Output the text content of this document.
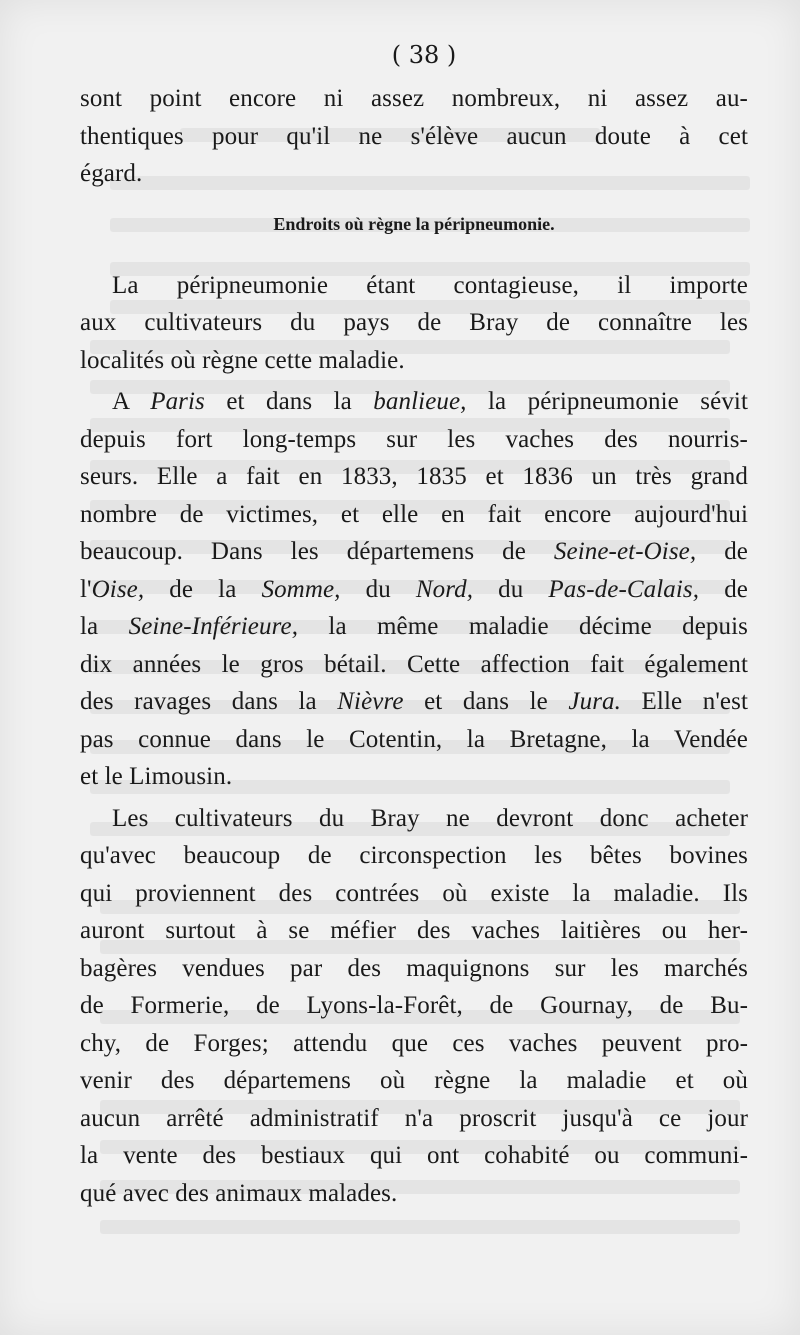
( 38 )
sont point encore ni assez nombreux, ni assez au-
thentiques pour qu'il ne s'élève aucun doute à cet
égard.
Endroits où règne la péripneumonie.
La péripneumonie étant contagieuse, il importe
aux cultivateurs du pays de Bray de connaître les
localités où règne cette maladie.
A Paris et dans la banlieue, la péripneumonie sévit
depuis fort long-temps sur les vaches des nourris-
seurs. Elle a fait en 1833, 1835 et 1836 un très grand
nombre de victimes, et elle en fait encore aujourd'hui
beaucoup. Dans les départemens de Seine-et-Oise, de
l'Oise, de la Somme, du Nord, du Pas-de-Calais, de
la Seine-Inférieure, la même maladie décime depuis
dix années le gros bétail. Cette affection fait également
des ravages dans la Nièvre et dans le Jura. Elle n'est
pas connue dans le Cotentin, la Bretagne, la Vendée
et le Limousin.
Les cultivateurs du Bray ne devront donc acheter
qu'avec beaucoup de circonspection les bêtes bovines
qui proviennent des contrées où existe la maladie. Ils
auront surtout à se méfier des vaches laitières ou her-
bagères vendues par des maquignons sur les marchés
de Formerie, de Lyons-la-Forêt, de Gournay, de Bu-
chy, de Forges; attendu que ces vaches peuvent pro-
venir des départemens où règne la maladie et où
aucun arrêté administratif n'a proscrit jusqu'à ce jour
la vente des bestiaux qui ont cohabité ou communi-
qué avec des animaux malades.
